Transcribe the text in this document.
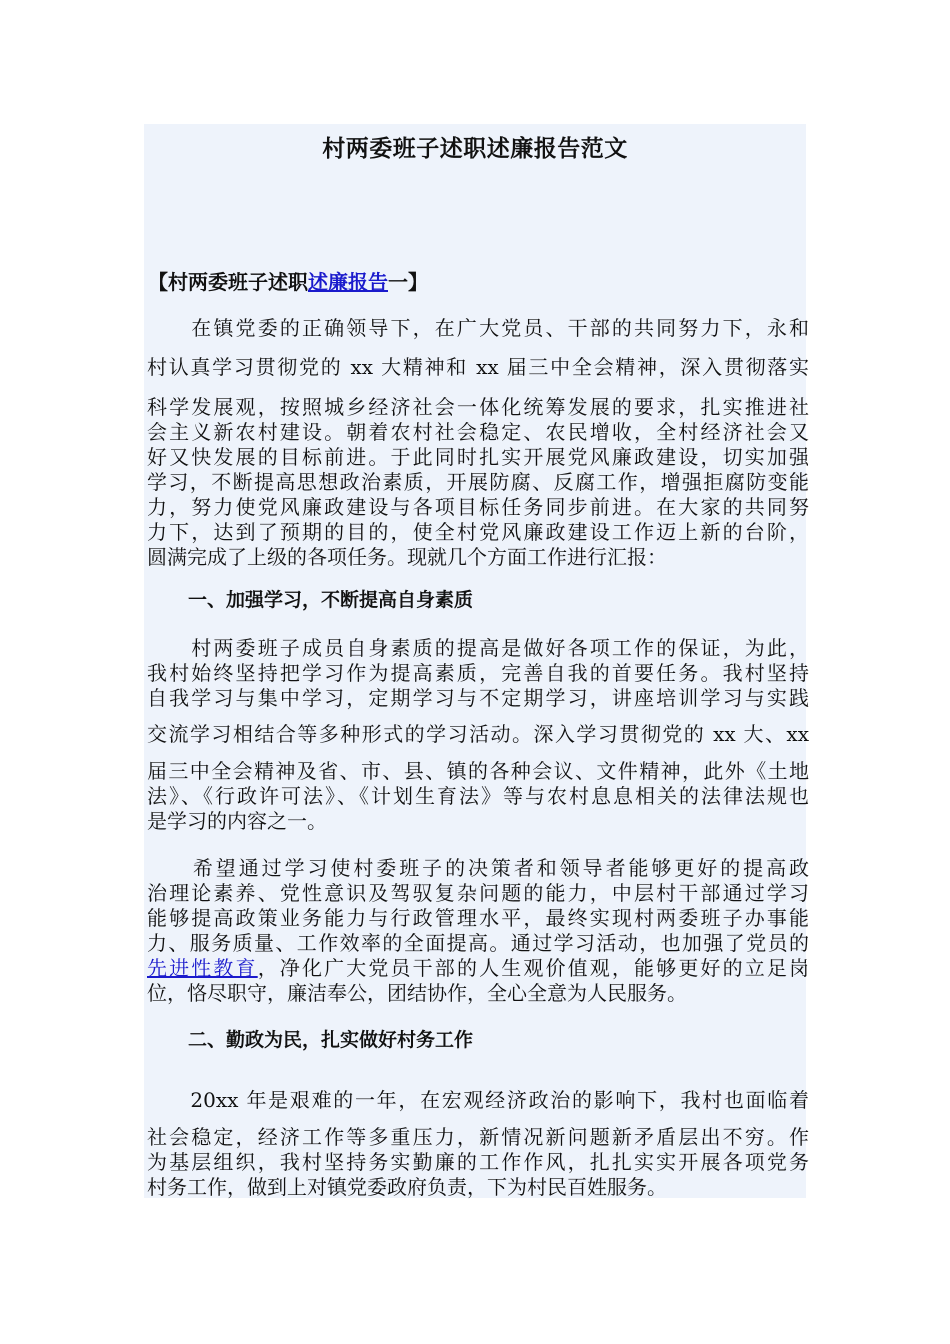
村两委班子述职述廉报告范文
【村两委班子述职述廉报告一】
　　在镇党委的正确领导下，在广大党员、干部的共同努力下，永和
村认真学习贯彻党的 xx 大精神和 xx 届三中全会精神，深入贯彻落实
科学发展观，按照城乡经济社会一体化统筹发展的要求，扎实推进社
会主义新农村建设。朝着农村社会稳定、农民增收，全村经济社会又
好又快发展的目标前进。于此同时扎实开展党风廉政建设，切实加强
学习，不断提高思想政治素质，开展防腐、反腐工作，增强拒腐防变能
力，努力使党风廉政建设与各项目标任务同步前进。在大家的共同努
力下，达到了预期的目的，使全村党风廉政建设工作迈上新的台阶，
圆满完成了上级的各项任务。现就几个方面工作进行汇报：
一、加强学习，不断提高自身素质
　　村两委班子成员自身素质的提高是做好各项工作的保证，为此，
我村始终坚持把学习作为提高素质，完善自我的首要任务。我村坚持
自我学习与集中学习，定期学习与不定期学习，讲座培训学习与实践
交流学习相结合等多种形式的学习活动。深入学习贯彻党的 xx 大、xx
届三中全会精神及省、市、县、镇的各种会议、文件精神，此外《土地
法》、《行政许可法》、《计划生育法》等与农村息息相关的法律法规也
是学习的内容之一。
　　希望通过学习使村委班子的决策者和领导者能够更好的提高政
治理论素养、党性意识及驾驭复杂问题的能力，中层村干部通过学习
能够提高政策业务能力与行政管理水平，最终实现村两委班子办事能
力、服务质量、工作效率的全面提高。通过学习活动，也加强了党员的
先进性教育，净化广大党员干部的人生观价值观，能够更好的立足岗
位，恪尽职守，廉洁奉公，团结协作，全心全意为人民服务。
二、勤政为民，扎实做好村务工作
　　20xx 年是艰难的一年，在宏观经济政治的影响下，我村也面临着
社会稳定，经济工作等多重压力，新情况新问题新矛盾层出不穷。作
为基层组织，我村坚持务实勤廉的工作作风，扎扎实实开展各项党务
村务工作，做到上对镇党委政府负责，下为村民百姓服务。
